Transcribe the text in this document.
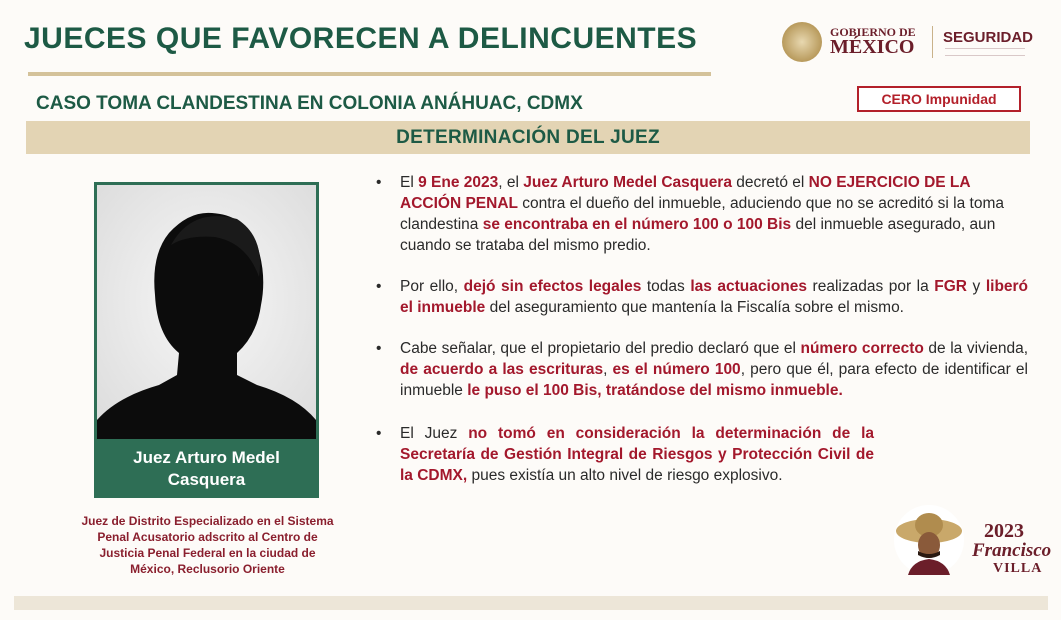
JUECES QUE FAVORECEN A DELINCUENTES	GOBIERNO DE
MÉXICO SEGURIDAD
CASO TOMA CLANDESTINA EN COLONIA ANÁHUAC, CDMX	CERO Impunidad
DETERMINACIÓN DEL JUEZ
Juez Arturo Medel Casquera
Juez de Distrito Especializado en el Sistema Penal Acusatorio adscrito al Centro de Justicia Penal Federal en la ciudad de México, Reclusorio Oriente
• El 9 Ene 2023, el Juez Arturo Medel Casquera decretó el NO EJERCICIO DE LA ACCIÓN PENAL contra el dueño del inmueble, aduciendo que no se acreditó si la toma clandestina se encontraba en el número 100 o 100 Bis del inmueble asegurado, aun cuando se trataba del mismo predio.
• Por ello, dejó sin efectos legales todas las actuaciones realizadas por la FGR y liberó el inmueble del aseguramiento que mantenía la Fiscalía sobre el mismo.
• Cabe señalar, que el propietario del predio declaró que el número correcto de la vivienda, de acuerdo a las escrituras, es el número 100, pero que él, para efecto de identificar el inmueble le puso el 100 Bis, tratándose del mismo inmueble.
• El Juez no tomó en consideración la determinación de la Secretaría de Gestión Integral de Riesgos y Protección Civil de la CDMX, pues existía un alto nivel de riesgo explosivo.
2023
Francisco
VILLA
